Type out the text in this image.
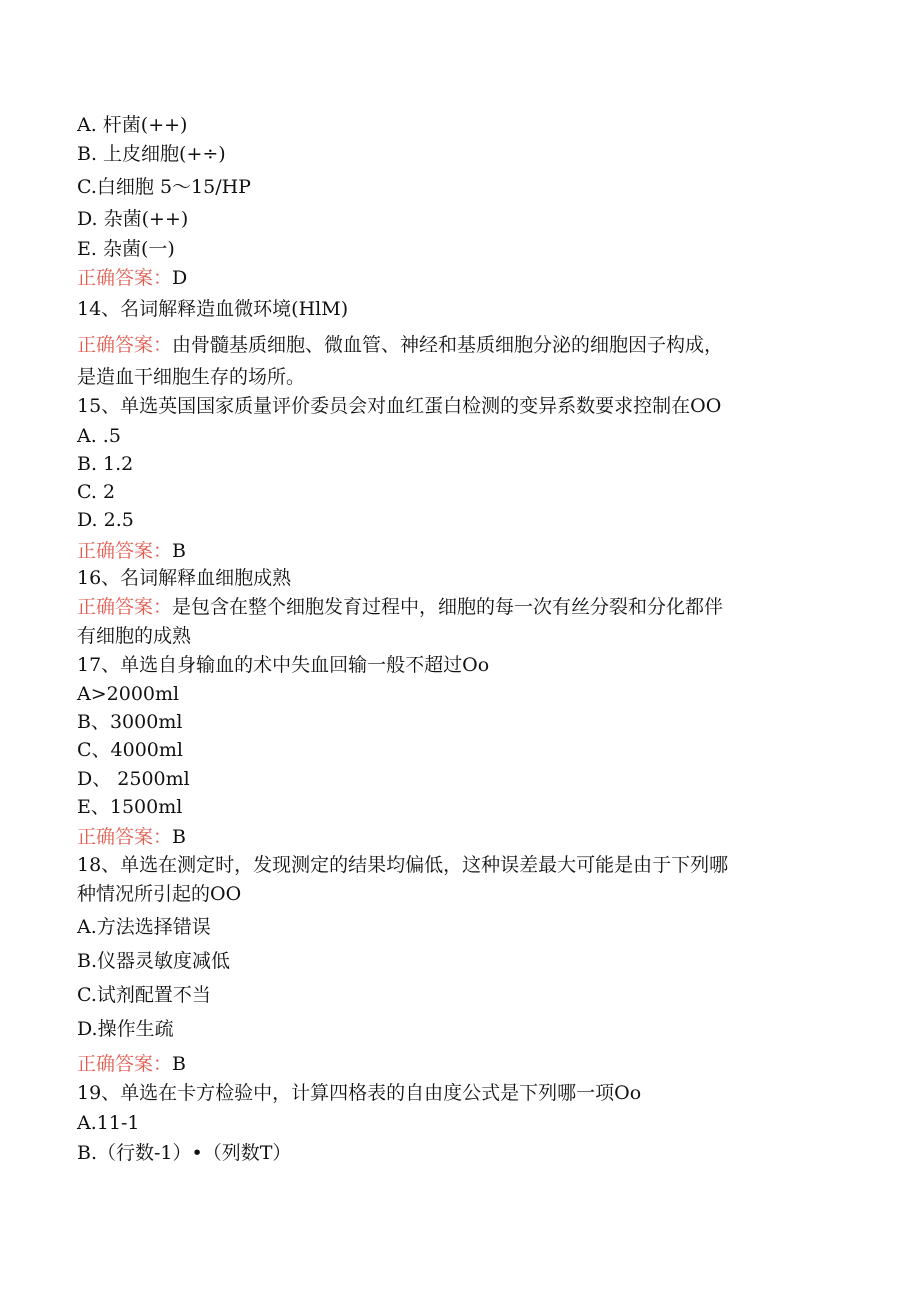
A. 杆菌(++)

B. 上皮细胞(+÷)

C.白细胞 5～15/HP

D. 杂菌(++)

E. 杂菌(一)

正确答案：D

14、名词解释造血微环境(HlM)

正确答案：由骨髓基质细胞、微血管、神经和基质细胞分泌的细胞因子构成，

是造血干细胞生存的场所。

15、单选英国国家质量评价委员会对血红蛋白检测的变异系数要求控制在OO

A. .5

B. 1.2

C. 2

D. 2.5

正确答案：B

16、名词解释血细胞成熟

正确答案：是包含在整个细胞发育过程中，细胞的每一次有丝分裂和分化都伴

有细胞的成熟

17、单选自身输血的术中失血回输一般不超过Oo

A>2000ml

B、3000ml

C、4000ml

D、 2500ml

E、1500ml

正确答案：B

18、单选在测定时，发现测定的结果均偏低，这种误差最大可能是由于下列哪

种情况所引起的OO

A.方法选择错误

B.仪器灵敏度减低

C.试剂配置不当

D.操作生疏

正确答案：B

19、单选在卡方检验中，计算四格表的自由度公式是下列哪一项Oo

A.11-1

B.（行数-1）•（列数T）
